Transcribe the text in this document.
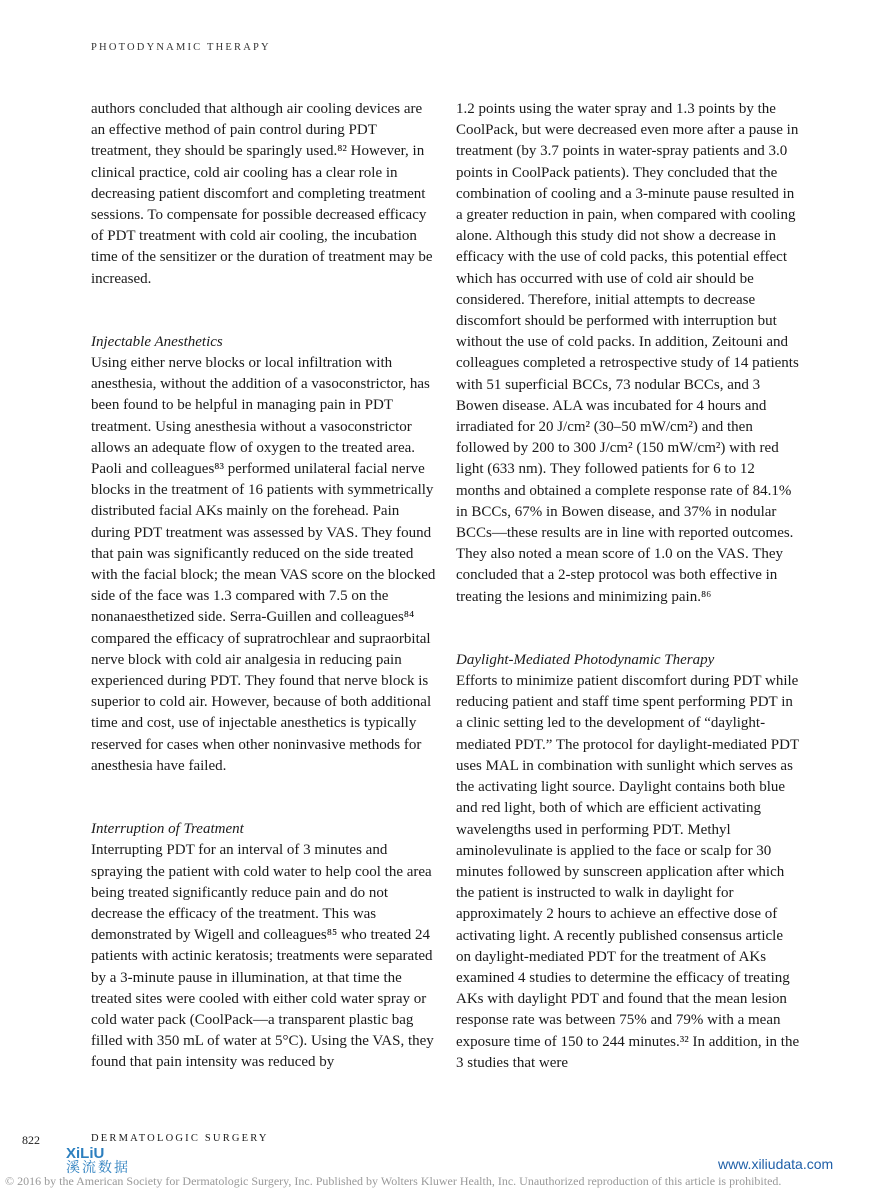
PHOTODYNAMIC THERAPY

authors concluded that although air cooling devices are an effective method of pain control during PDT treatment, they should be sparingly used.⁸² However, in clinical practice, cold air cooling has a clear role in decreasing patient discomfort and completing treatment sessions. To compensate for possible decreased efficacy of PDT treatment with cold air cooling, the incubation time of the sensitizer or the duration of treatment may be increased.

Injectable Anesthetics

Using either nerve blocks or local infiltration with anesthesia, without the addition of a vasoconstrictor, has been found to be helpful in managing pain in PDT treatment. Using anesthesia without a vasoconstrictor allows an adequate flow of oxygen to the treated area. Paoli and colleagues⁸³ performed unilateral facial nerve blocks in the treatment of 16 patients with symmetrically distributed facial AKs mainly on the forehead. Pain during PDT treatment was assessed by VAS. They found that pain was significantly reduced on the side treated with the facial block; the mean VAS score on the blocked side of the face was 1.3 compared with 7.5 on the nonanaesthetized side. Serra-Guillen and colleagues⁸⁴ compared the efficacy of supratrochlear and supraorbital nerve block with cold air analgesia in reducing pain experienced during PDT. They found that nerve block is superior to cold air. However, because of both additional time and cost, use of injectable anesthetics is typically reserved for cases when other noninvasive methods for anesthesia have failed.

Interruption of Treatment

Interrupting PDT for an interval of 3 minutes and spraying the patient with cold water to help cool the area being treated significantly reduce pain and do not decrease the efficacy of the treatment. This was demonstrated by Wigell and colleagues⁸⁵ who treated 24 patients with actinic keratosis; treatments were separated by a 3-minute pause in illumination, at that time the treated sites were cooled with either cold water spray or cold water pack (CoolPack—a transparent plastic bag filled with 350 mL of water at 5°C). Using the VAS, they found that pain intensity was reduced by

1.2 points using the water spray and 1.3 points by the CoolPack, but were decreased even more after a pause in treatment (by 3.7 points in water-spray patients and 3.0 points in CoolPack patients). They concluded that the combination of cooling and a 3-minute pause resulted in a greater reduction in pain, when compared with cooling alone. Although this study did not show a decrease in efficacy with the use of cold packs, this potential effect which has occurred with use of cold air should be considered. Therefore, initial attempts to decrease discomfort should be performed with interruption but without the use of cold packs. In addition, Zeitouni and colleagues completed a retrospective study of 14 patients with 51 superficial BCCs, 73 nodular BCCs, and 3 Bowen disease. ALA was incubated for 4 hours and irradiated for 20 J/cm² (30–50 mW/cm²) and then followed by 200 to 300 J/cm² (150 mW/cm²) with red light (633 nm). They followed patients for 6 to 12 months and obtained a complete response rate of 84.1% in BCCs, 67% in Bowen disease, and 37% in nodular BCCs—these results are in line with reported outcomes. They also noted a mean score of 1.0 on the VAS. They concluded that a 2-step protocol was both effective in treating the lesions and minimizing pain.⁸⁶

Daylight-Mediated Photodynamic Therapy

Efforts to minimize patient discomfort during PDT while reducing patient and staff time spent performing PDT in a clinic setting led to the development of “daylight-mediated PDT.” The protocol for daylight-mediated PDT uses MAL in combination with sunlight which serves as the activating light source. Daylight contains both blue and red light, both of which are efficient activating wavelengths used in performing PDT. Methyl aminolevulinate is applied to the face or scalp for 30 minutes followed by sunscreen application after which the patient is instructed to walk in daylight for approximately 2 hours to achieve an effective dose of activating light. A recently published consensus article on daylight-mediated PDT for the treatment of AKs examined 4 studies to determine the efficacy of treating AKs with daylight PDT and found that the mean lesion response rate was between 75% and 79% with a mean exposure time of 150 to 244 minutes.³² In addition, in the 3 studies that were

822	DERMATOLOGIC SURGERY
XiLiU
溪流数据	www.xiliudata.com
© 2016 by the American Society for Dermatologic Surgery, Inc. Published by Wolters Kluwer Health, Inc. Unauthorized reproduction of this article is prohibited.
